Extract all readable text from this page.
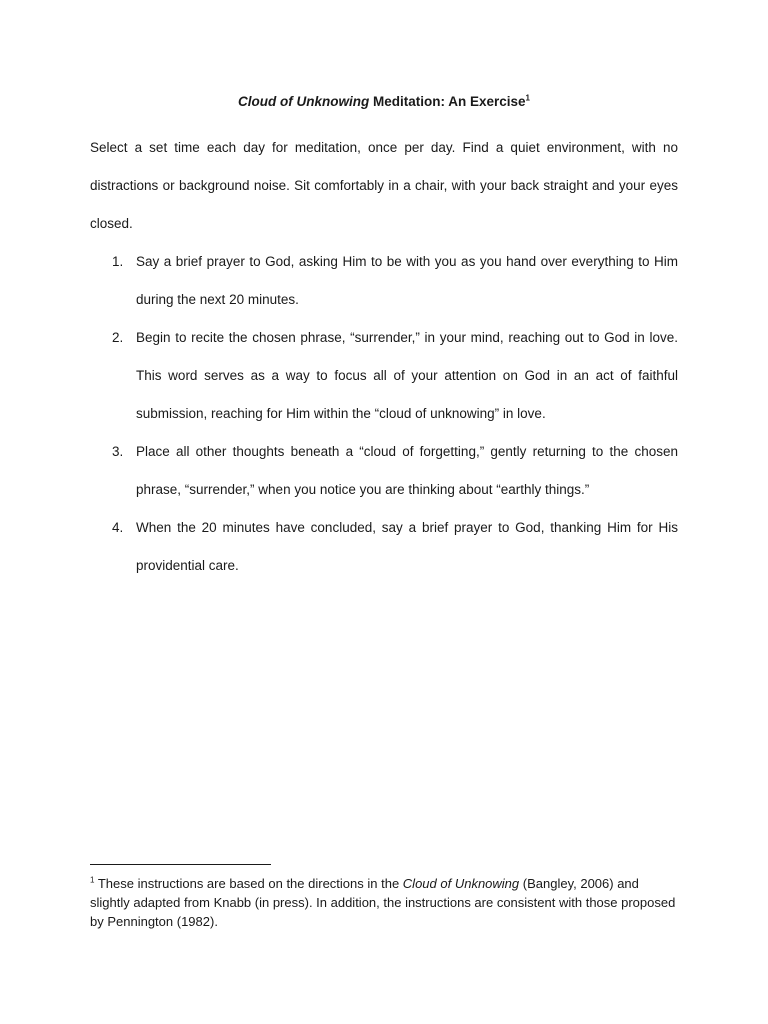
Cloud of Unknowing Meditation: An Exercise$^1$

Select a set time each day for meditation, once per day. Find a quiet environment, with no distractions or background noise. Sit comfortably in a chair, with your back straight and your eyes closed.

1. Say a brief prayer to God, asking Him to be with you as you hand over everything to Him during the next 20 minutes.
2. Begin to recite the chosen phrase, “surrender,” in your mind, reaching out to God in love. This word serves as a way to focus all of your attention on God in an act of faithful submission, reaching for Him within the “cloud of unknowing” in love.
3. Place all other thoughts beneath a “cloud of forgetting,” gently returning to the chosen phrase, “surrender,” when you notice you are thinking about “earthly things.”
4. When the 20 minutes have concluded, say a brief prayer to God, thanking Him for His providential care.

$^1$ These instructions are based on the directions in the Cloud of Unknowing (Bangley, 2006) and slightly adapted from Knabb (in press). In addition, the instructions are consistent with those proposed by Pennington (1982).
